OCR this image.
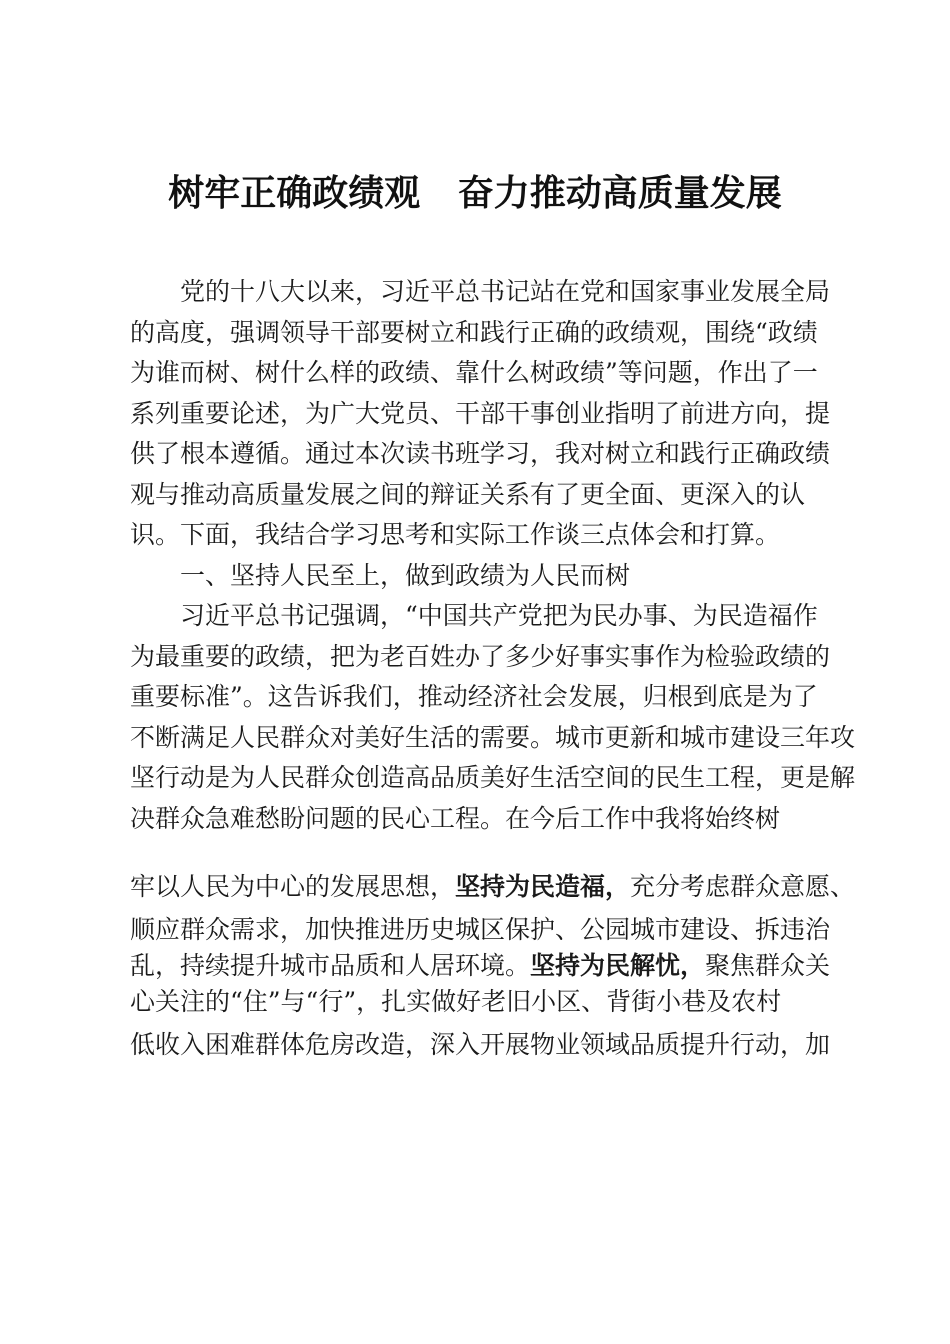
树牢正确政绩观   奋力推动高质量发展
党的十八大以来，习近平总书记站在党和国家事业发展全局
的高度，强调领导干部要树立和践行正确的政绩观，围绕“政绩
为谁而树、树什么样的政绩、靠什么树政绩”等问题，作出了一
系列重要论述，为广大党员、干部干事创业指明了前进方向，提
供了根本遵循。通过本次读书班学习，我对树立和践行正确政绩
观与推动高质量发展之间的辩证关系有了更全面、更深入的认
识。下面，我结合学习思考和实际工作谈三点体会和打算。
一、坚持人民至上，做到政绩为人民而树
习近平总书记强调，“中国共产党把为民办事、为民造福作
为最重要的政绩，把为老百姓办了多少好事实事作为检验政绩的
重要标准”。这告诉我们，推动经济社会发展，归根到底是为了
不断满足人民群众对美好生活的需要。城市更新和城市建设三年攻
坚行动是为人民群众创造高品质美好生活空间的民生工程，更是解
决群众急难愁盼问题的民心工程。在今后工作中我将始终树
牢以人民为中心的发展思想，坚持为民造福，充分考虑群众意愿、
顺应群众需求，加快推进历史城区保护、公园城市建设、拆违治
乱，持续提升城市品质和人居环境。坚持为民解忧，聚焦群众关
心关注的“住”与“行”，扎实做好老旧小区、背街小巷及农村
低收入困难群体危房改造，深入开展物业领域品质提升行动，加
